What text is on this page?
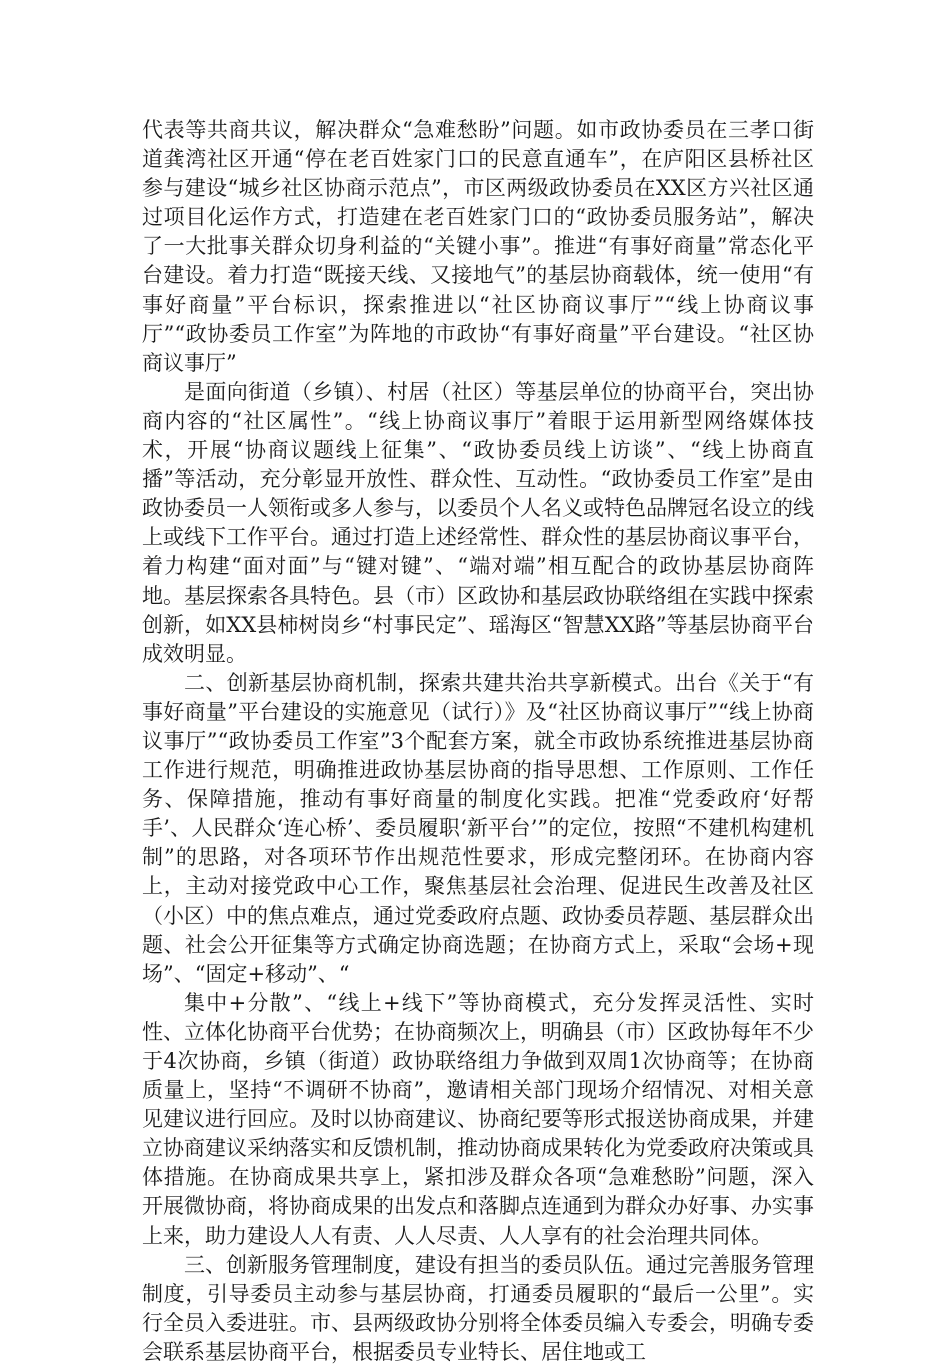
代表等共商共议，解决群众“急难愁盼”问题。如市政协委员在三孝口街道龚湾社区开通“停在老百姓家门口的民意直通车”，在庐阳区县桥社区参与建设“城乡社区协商示范点”，市区两级政协委员在XX区方兴社区通过项目化运作方式，打造建在老百姓家门口的“政协委员服务站”，解决了一大批事关群众切身利益的“关键小事”。推进“有事好商量”常态化平台建设。着力打造“既接天线、又接地气”的基层协商载体，统一使用“有事好商量”平台标识，探索推进以“社区协商议事厅”“线上协商议事厅”“政协委员工作室”为阵地的市政协“有事好商量”平台建设。“社区协商议事厅”

是面向街道（乡镇）、村居（社区）等基层单位的协商平台，突出协商内容的“社区属性”。“线上协商议事厅”着眼于运用新型网络媒体技术，开展“协商议题线上征集”、“政协委员线上访谈”、“线上协商直播”等活动，充分彰显开放性、群众性、互动性。“政协委员工作室”是由政协委员一人领衔或多人参与，以委员个人名义或特色品牌冠名设立的线上或线下工作平台。通过打造上述经常性、群众性的基层协商议事平台，着力构建“面对面”与“键对键”、“端对端”相互配合的政协基层协商阵地。基层探索各具特色。县（市）区政协和基层政协联络组在实践中探索创新，如XX县柿树岗乡“村事民定”、瑶海区“智慧XX路”等基层协商平台成效明显。

二、创新基层协商机制，探索共建共治共享新模式。出台《关于“有事好商量”平台建设的实施意见（试行）》及“社区协商议事厅”“线上协商议事厅”“政协委员工作室”3个配套方案，就全市政协系统推进基层协商工作进行规范，明确推进政协基层协商的指导思想、工作原则、工作任务、保障措施，推动有事好商量的制度化实践。把准“党委政府‘好帮手’、人民群众‘连心桥’、委员履职‘新平台’”的定位，按照“不建机构建机制”的思路，对各项环节作出规范性要求，形成完整闭环。在协商内容上，主动对接党政中心工作，聚焦基层社会治理、促进民生改善及社区（小区）中的焦点难点，通过党委政府点题、政协委员荐题、基层群众出题、社会公开征集等方式确定协商选题；在协商方式上，采取“会场+现场”、“固定+移动”、“

集中+分散”、“线上+线下”等协商模式，充分发挥灵活性、实时性、立体化协商平台优势；在协商频次上，明确县（市）区政协每年不少于4次协商，乡镇（街道）政协联络组力争做到双周1次协商等；在协商质量上，坚持“不调研不协商”，邀请相关部门现场介绍情况、对相关意见建议进行回应。及时以协商建议、协商纪要等形式报送协商成果，并建立协商建议采纳落实和反馈机制，推动协商成果转化为党委政府决策或具体措施。在协商成果共享上，紧扣涉及群众各项“急难愁盼”问题，深入开展微协商，将协商成果的出发点和落脚点连通到为群众办好事、办实事上来，助力建设人人有责、人人尽责、人人享有的社会治理共同体。

三、创新服务管理制度，建设有担当的委员队伍。通过完善服务管理制度，引导委员主动参与基层协商，打通委员履职的“最后一公里”。实行全员入委进驻。市、县两级政协分别将全体委员编入专委会，明确专委会联系基层协商平台，根据委员专业特长、居住地或工
